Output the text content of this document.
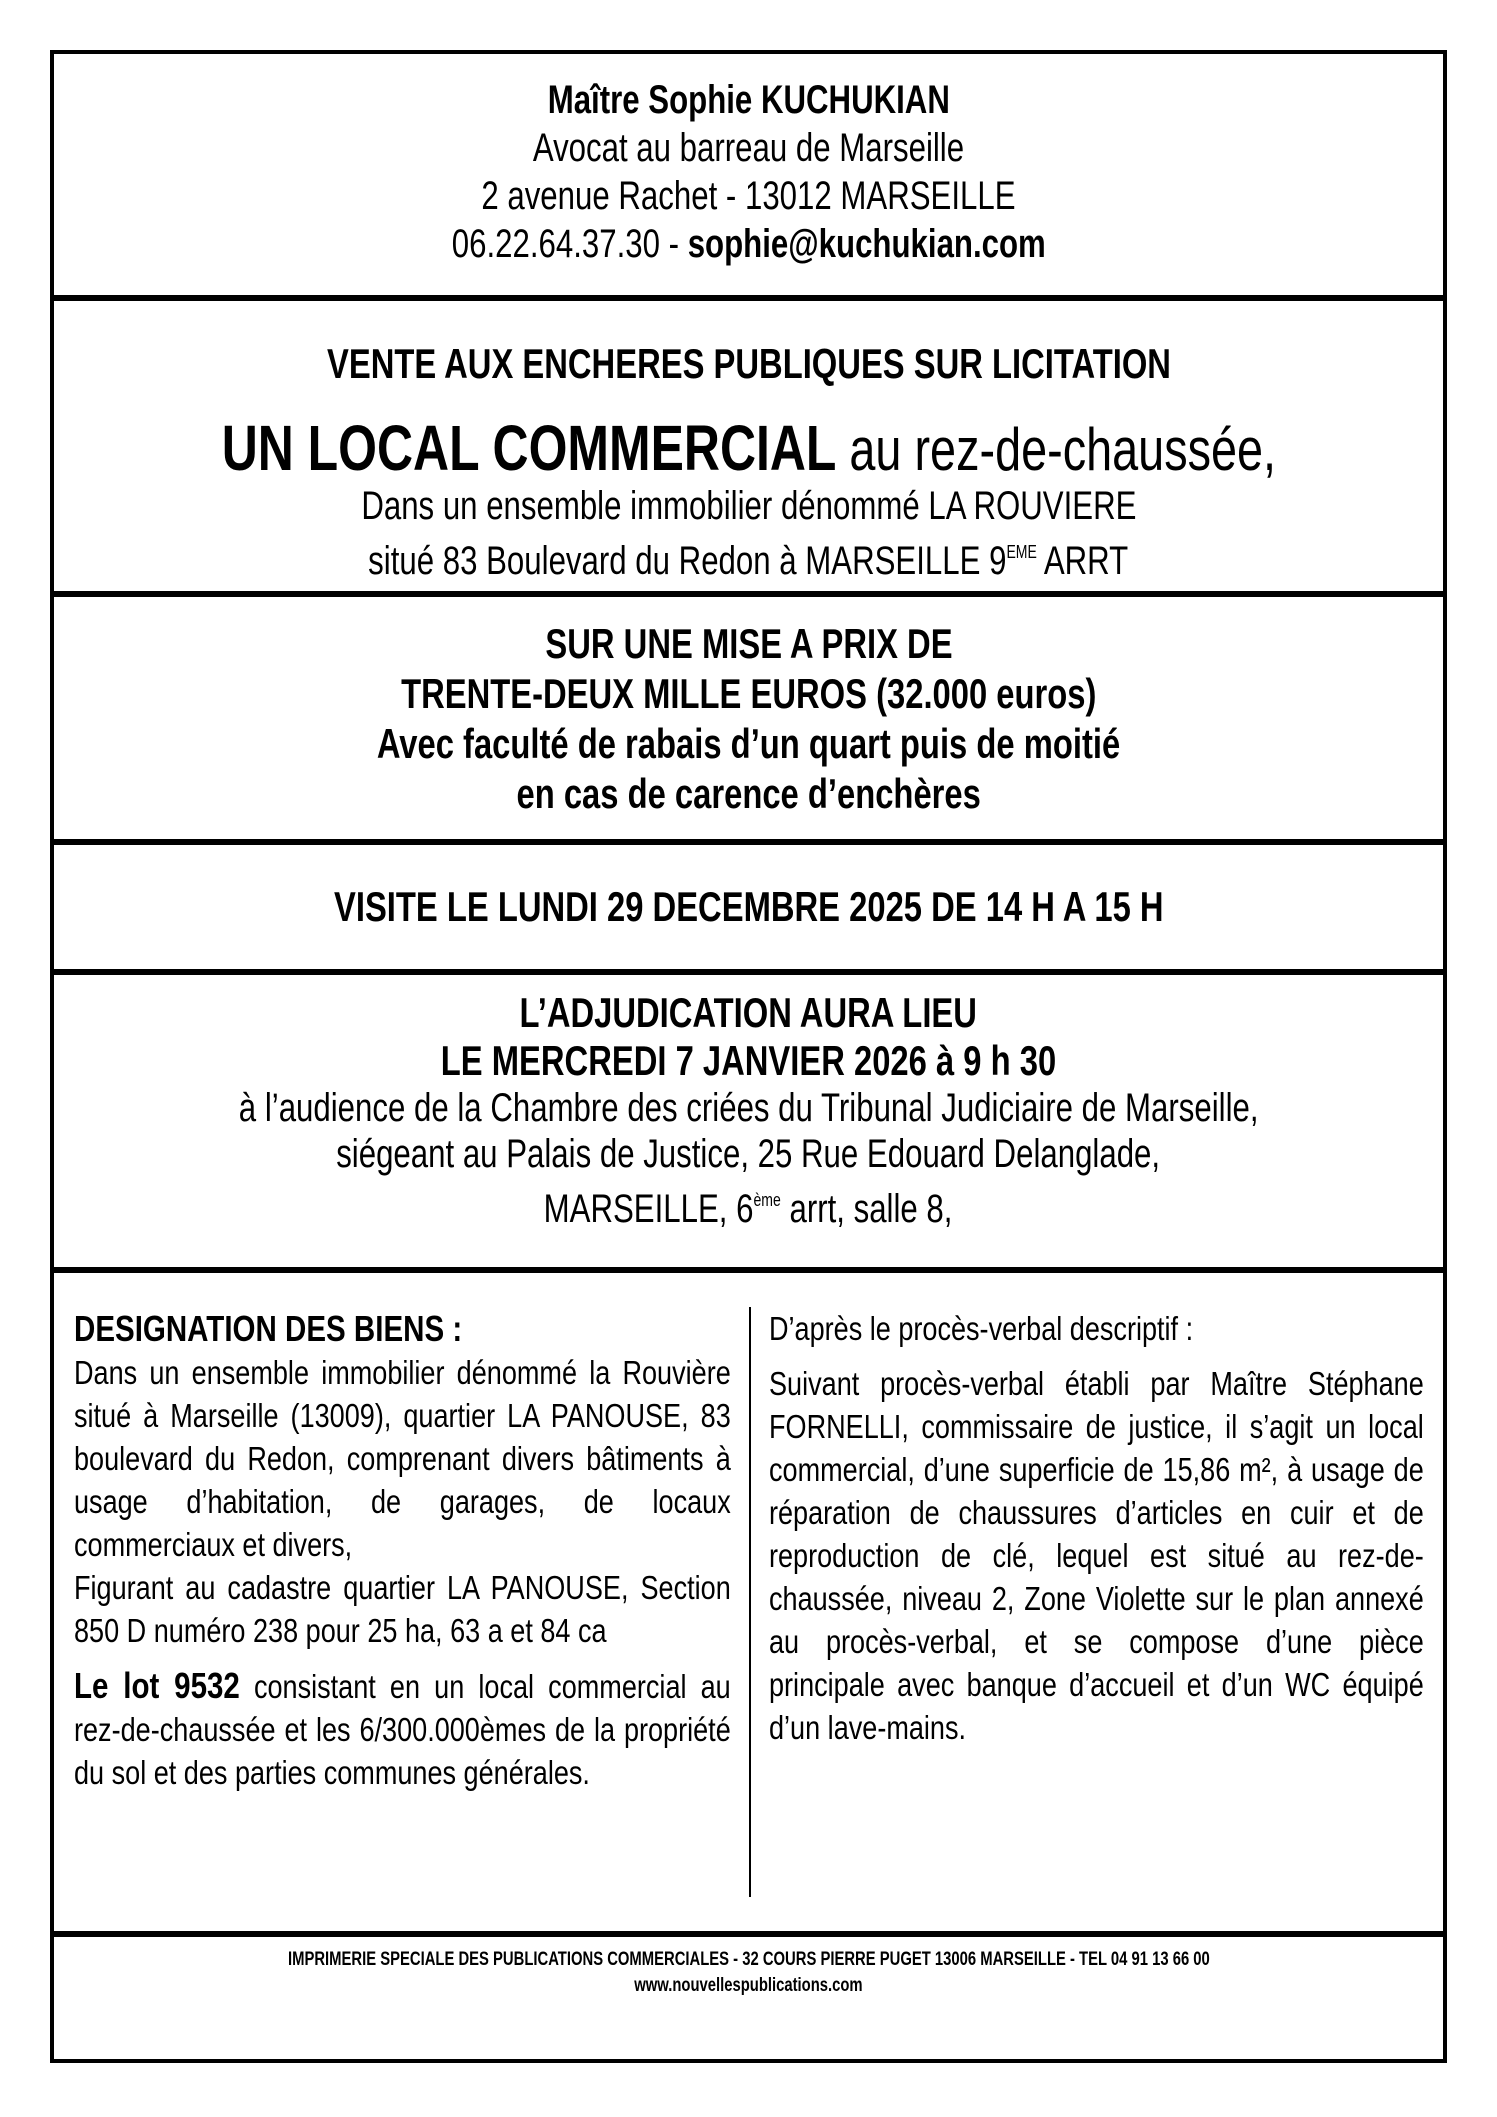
Maître Sophie KUCHUKIAN
Avocat au barreau de Marseille
2 avenue Rachet - 13012 MARSEILLE
06.22.64.37.30 - sophie@kuchukian.com
VENTE AUX ENCHERES PUBLIQUES SUR LICITATION
UN LOCAL COMMERCIAL au rez-de-chaussée,
Dans un ensemble immobilier dénommé LA ROUVIERE
situé 83 Boulevard du Redon à MARSEILLE 9EME ARRT
SUR UNE MISE A PRIX DE
TRENTE-DEUX MILLE EUROS (32.000 euros)
Avec faculté de rabais d’un quart puis de moitié
en cas de carence d’enchères
VISITE LE LUNDI 29 DECEMBRE 2025 DE 14 H A 15 H
L’ADJUDICATION AURA LIEU
LE MERCREDI 7 JANVIER 2026 à 9 h 30
à l’audience de la Chambre des criées du Tribunal Judiciaire de Marseille,
siégeant au Palais de Justice, 25 Rue Edouard Delanglade,
MARSEILLE, 6ème arrt, salle 8,

DESIGNATION DES BIENS :

Dans un ensemble immobilier dénommé la Rouvière situé à Marseille (13009), quartier LA PANOUSE, 83 boulevard du Redon, comprenant divers bâtiments à usage d’habitation, de garages, de locaux commerciaux et divers,

Figurant au cadastre quartier LA PANOUSE, Section 850 D numéro 238 pour 25 ha, 63 a et 84 ca

Le lot 9532 consistant en un local commercial au rez-de-chaussée et les 6/300.000èmes de la propriété du sol et des parties communes générales.

D’après le procès-verbal descriptif :

Suivant procès-verbal établi par Maître Stéphane FORNELLI, commissaire de justice, il s’agit un local commercial, d’une superficie de 15,86 m², à usage de réparation de chaussures d’articles en cuir et de reproduction de clé, lequel est situé au rez-de-chaussée, niveau 2, Zone Violette sur le plan annexé au procès-verbal, et se compose d’une pièce principale avec banque d’accueil et d’un WC équipé d’un lave-mains.

IMPRIMERIE SPECIALE DES PUBLICATIONS COMMERCIALES - 32 COURS PIERRE PUGET 13006 MARSEILLE - TEL 04 91 13 66 00
www.nouvellespublications.com
